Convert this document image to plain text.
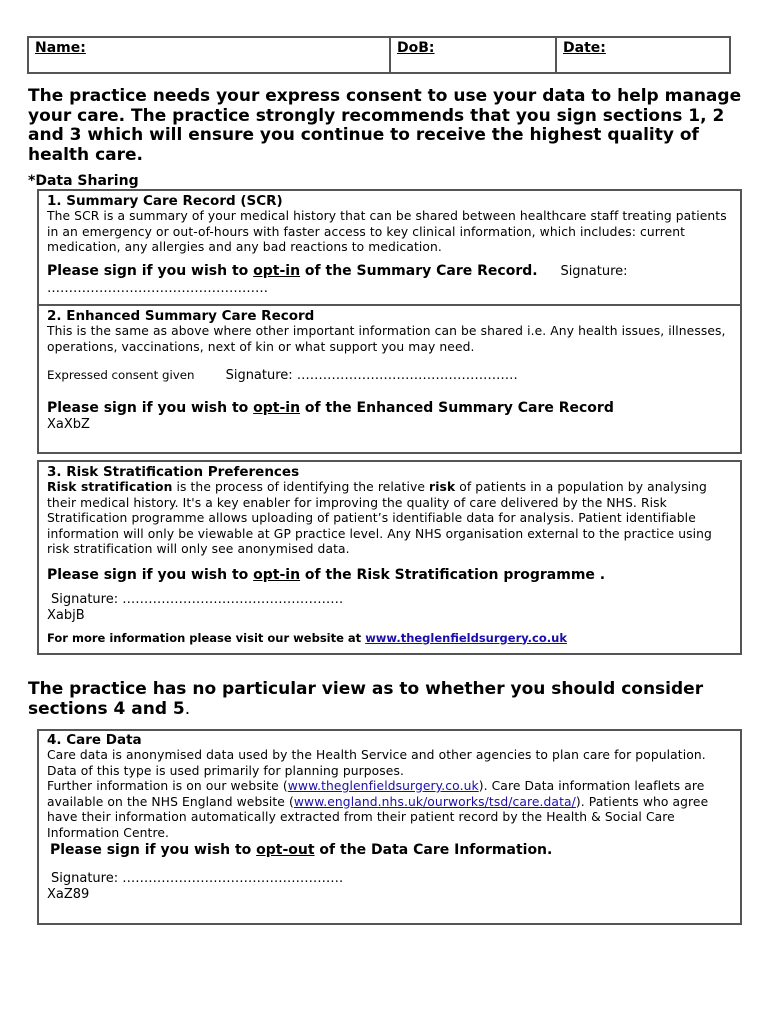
Name:	DoB:	Date:
The practice needs your express consent to use your data to help manage your care. The practice strongly recommends that you sign sections 1, 2 and 3 which will ensure you continue to receive the highest quality of health care.
*Data Sharing
1. Summary Care Record (SCR)
The SCR is a summary of your medical history that can be shared between healthcare staff treating patients in an emergency or out-of-hours with faster access to key clinical information, which includes: current medication, any allergies and any bad reactions to medication.
Please sign if you wish to opt-in of the Summary Care Record. Signature:
……………………………………………
2. Enhanced Summary Care Record
This is the same as above where other important information can be shared i.e. Any health issues, illnesses, operations, vaccinations, next of kin or what support you may need.
Expressed consent given Signature: ……………………………………………
Please sign if you wish to opt-in of the Enhanced Summary Care Record
XaXbZ
3. Risk Stratification Preferences
Risk stratification is the process of identifying the relative risk of patients in a population by analysing their medical history. It's a key enabler for improving the quality of care delivered by the NHS. Risk Stratification programme allows uploading of patient’s identifiable data for analysis. Patient identifiable information will only be viewable at GP practice level. Any NHS organisation external to the practice using risk stratification will only see anonymised data.
Please sign if you wish to opt-in of the Risk Stratification programme .
Signature: ……………………………………………
XabjB
For more information please visit our website at www.theglenfieldsurgery.co.uk
The practice has no particular view as to whether you should consider sections 4 and 5.
4. Care Data
Care data is anonymised data used by the Health Service and other agencies to plan care for population. Data of this type is used primarily for planning purposes.
Further information is on our website (www.theglenfieldsurgery.co.uk). Care Data information leaflets are available on the NHS England website (www.england.nhs.uk/ourworks/tsd/care.data/). Patients who agree have their information automatically extracted from their patient record by the Health & Social Care Information Centre.
Please sign if you wish to opt-out of the Data Care Information.
Signature: ……………………………………………
XaZ89
